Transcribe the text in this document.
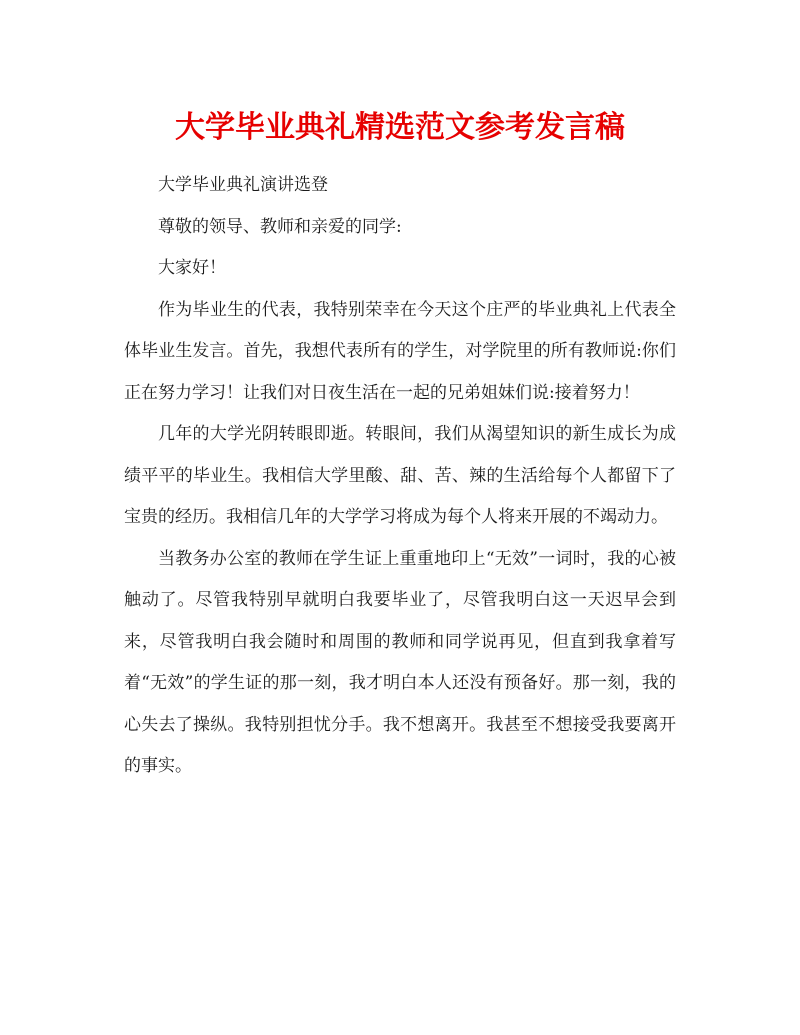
大学毕业典礼精选范文参考发言稿

大学毕业典礼演讲选登

尊敬的领导、教师和亲爱的同学:

大家好！

作为毕业生的代表，我特别荣幸在今天这个庄严的毕业典礼上代表全体毕业生发言。首先，我想代表所有的学生，对学院里的所有教师说:你们正在努力学习！让我们对日夜生活在一起的兄弟姐妹们说:接着努力！

几年的大学光阴转眼即逝。转眼间，我们从渴望知识的新生成长为成绩平平的毕业生。我相信大学里酸、甜、苦、辣的生活给每个人都留下了宝贵的经历。我相信几年的大学学习将成为每个人将来开展的不竭动力。

当教务办公室的教师在学生证上重重地印上“无效”一词时，我的心被触动了。尽管我特别早就明白我要毕业了，尽管我明白这一天迟早会到来，尽管我明白我会随时和周围的教师和同学说再见，但直到我拿着写着“无效”的学生证的那一刻，我才明白本人还没有预备好。那一刻，我的心失去了操纵。我特别担忧分手。我不想离开。我甚至不想接受我要离开的事实。
